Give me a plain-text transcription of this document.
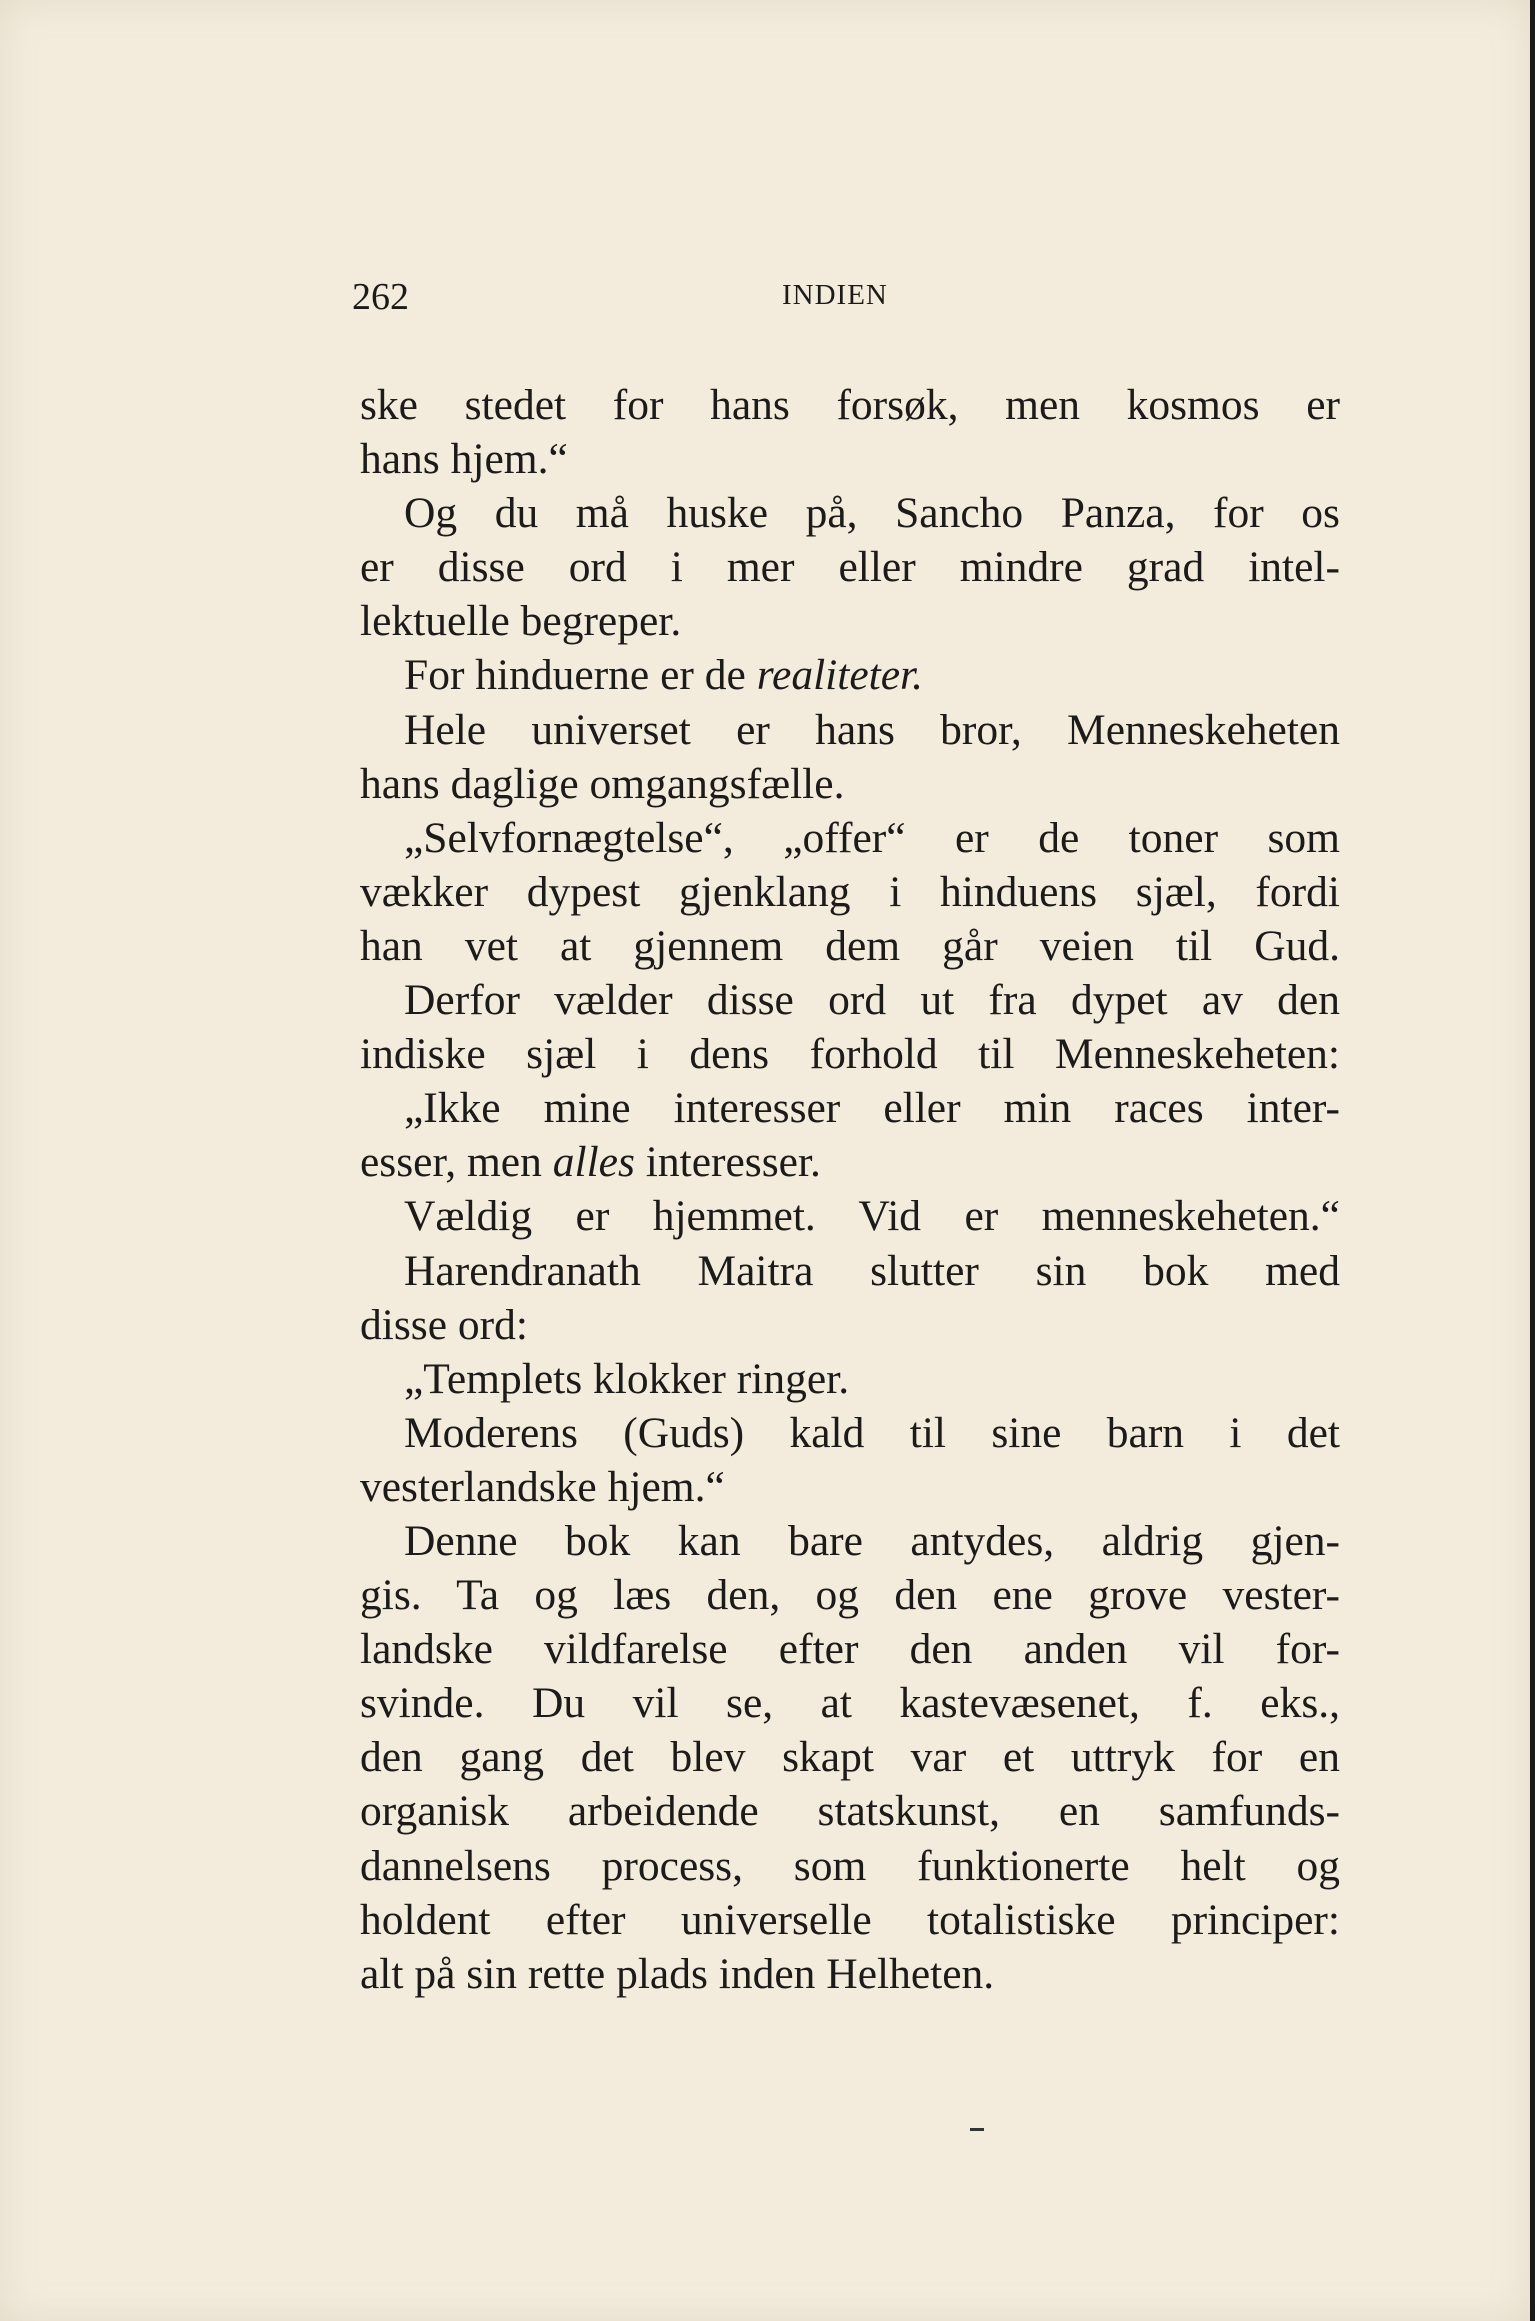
262	INDIEN
ske stedet for hans forsøk, men kosmos er
hans hjem.“
Og du må huske på, Sancho Panza, for os
er disse ord i mer eller mindre grad intel-
lektuelle begreper.
For hinduerne er de realiteter.
Hele universet er hans bror, Menneskeheten
hans daglige omgangsfælle.
„Selvfornægtelse“, „offer“ er de toner som
vækker dypest gjenklang i hinduens sjæl, fordi
han vet at gjennem dem går veien til Gud.
Derfor vælder disse ord ut fra dypet av den
indiske sjæl i dens forhold til Menneskeheten:
„Ikke mine interesser eller min races inter-
esser, men alles interesser.
Vældig er hjemmet. Vid er menneskeheten.“
Harendranath Maitra slutter sin bok med
disse ord:
„Templets klokker ringer.
Moderens (Guds) kald til sine barn i det
vesterlandske hjem.“
Denne bok kan bare antydes, aldrig gjen-
gis. Ta og læs den, og den ene grove vester-
landske vildfarelse efter den anden vil for-
svinde. Du vil se, at kastevæsenet, f. eks.,
den gang det blev skapt var et uttryk for en
organisk arbeidende statskunst, en samfunds-
dannelsens process, som funktionerte helt og
holdent efter universelle totalistiske principer:
alt på sin rette plads inden Helheten.
